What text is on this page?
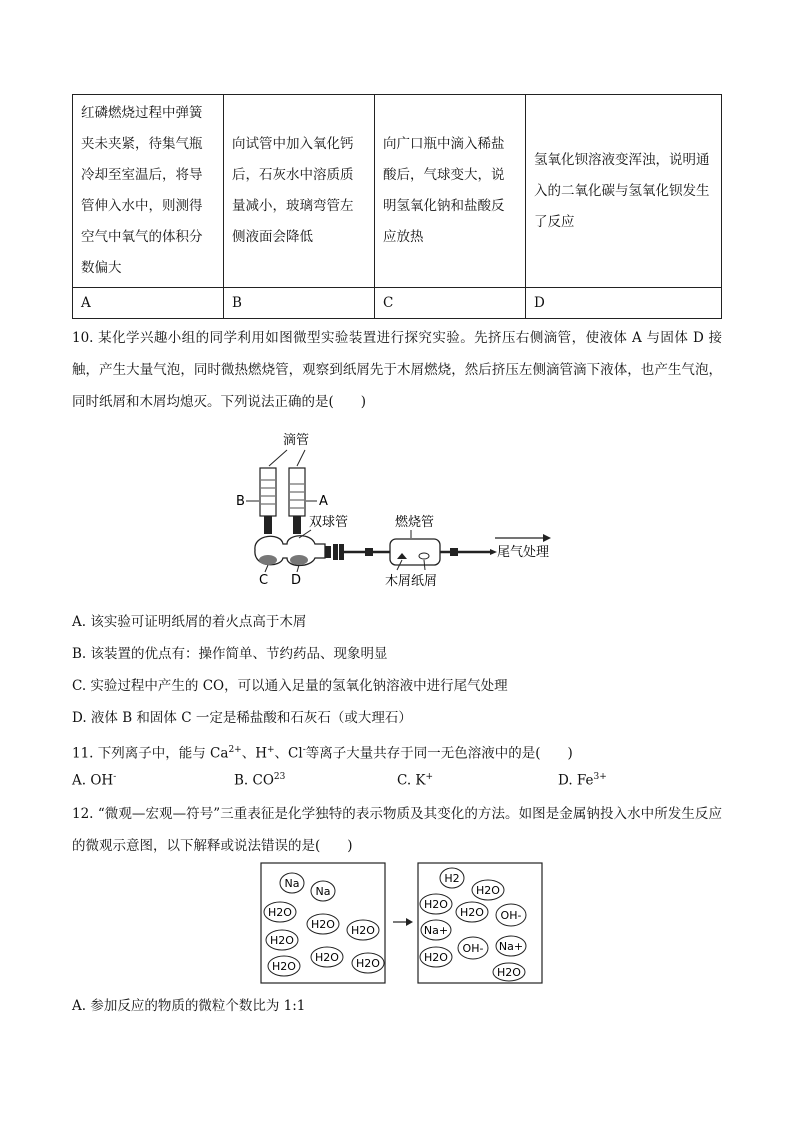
红磷燃烧过程中弹簧夹未夹紧，待集气瓶冷却至室温后，将导管伸入水中，则测得空气中氧气的体积分数偏大	向试管中加入氧化钙后，石灰水中溶质质量减小，玻璃弯管左侧液面会降低	向广口瓶中滴入稀盐酸后，气球变大，说明氢氧化钠和盐酸反应放热	氢氧化钡溶液变浑浊，说明通入的二氧化碳与氢氧化钡发生了反应
A	B	C	D
10. 某化学兴趣小组的同学利用如图微型实验装置进行探究实验。先挤压右侧滴管，使液体 A 与固体 D 接触，产生大量气泡，同时微热燃烧管，观察到纸屑先于木屑燃烧，然后挤压左侧滴管滴下液体，也产生气泡，同时纸屑和木屑均熄灭。下列说法正确的是(　　)
滴管
B	A
双球管
C D
燃烧管
木屑纸屑
尾气处理
A. 该实验可证明纸屑的着火点高于木屑
B. 该装置的优点有：操作简单、节约药品、现象明显
C. 实验过程中产生的 CO，可以通入足量的氢氧化钠溶液中进行尾气处理
D. 液体 B 和固体 C 一定是稀盐酸和石灰石（或大理石）
11. 下列离子中，能与 $Ca^{2+}$、H+、Cl-等离子大量共存于同一无色溶液中的是(　　)
A. OH-	B. CO$^{23}$	C. K+	D. $Fe^{3+}$
12. “微观—宏观—符号”三重表征是化学独特的表示物质及其变化的方法。如图是金属钠投入水中所发生反应的微观示意图，以下解释或说法错误的是(　　)
Na
Na
H2O
H2O H2O
H2O
H2O
H2O	H2O
H2
H2O
H2O
H2O OH-
Na+
OH- Na+
H2O
H2O
A. 参加反应的物质的微粒个数比为 1:1
